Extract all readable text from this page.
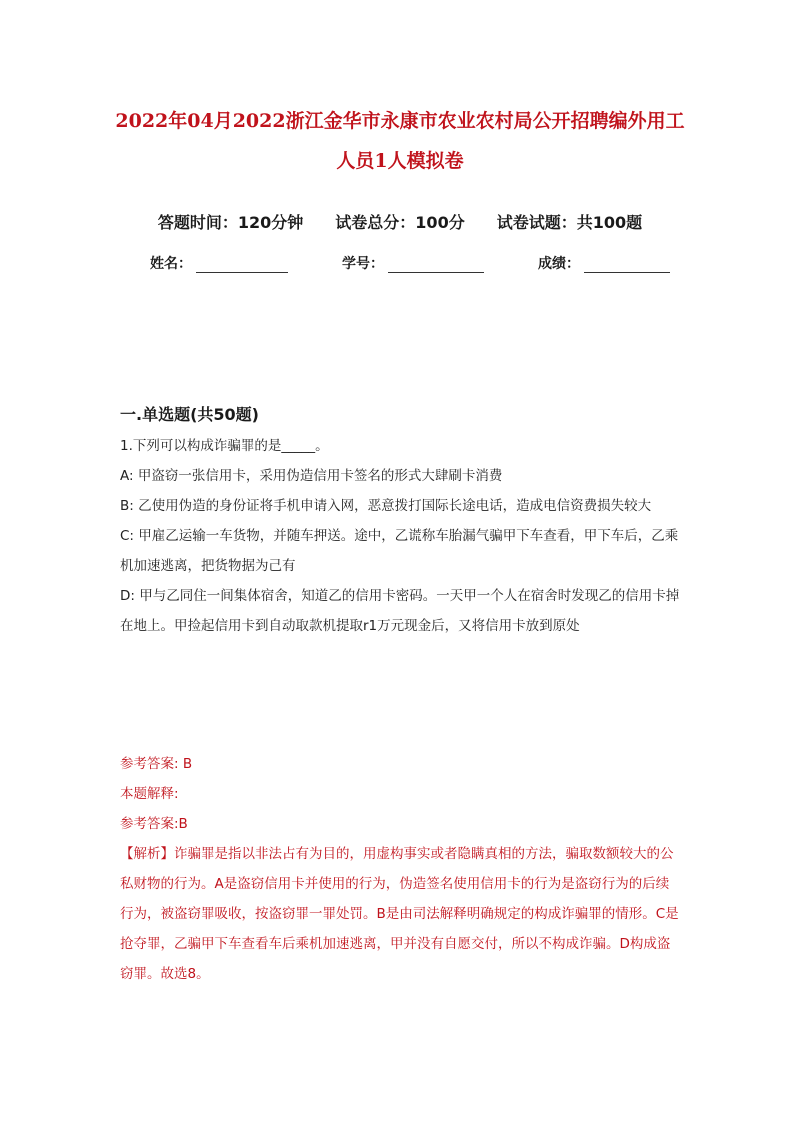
2022年04月2022浙江金华市永康市农业农村局公开招聘编外用工
人员1人模拟卷
答题时间：120分钟 试卷总分：100分 试卷试题：共100题
姓名：	学号：	成绩：
一.单选题(共50题)
1.下列可以构成诈骗罪的是_____。
A: 甲盗窃一张信用卡，采用伪造信用卡签名的形式大肆刷卡消费
B: 乙使用伪造的身份证将手机申请入网，恶意拨打国际长途电话，造成电信资费损失较大
C: 甲雇乙运输一车货物，并随车押送。途中，乙谎称车胎漏气骗甲下车查看，甲下车后，乙乘机加速逃离，把货物据为己有
D: 甲与乙同住一间集体宿舍，知道乙的信用卡密码。一天甲一个人在宿舍时发现乙的信用卡掉在地上。甲捡起信用卡到自动取款机提取r1万元现金后，又将信用卡放到原处
参考答案: B
本题解释:
参考答案:B
【解析】诈骗罪是指以非法占有为目的，用虚构事实或者隐瞒真相的方法，骗取数额较大的公私财物的行为。A是盗窃信用卡并使用的行为，伪造签名使用信用卡的行为是盗窃行为的后续行为，被盗窃罪吸收，按盗窃罪一罪处罚。B是由司法解释明确规定的构成诈骗罪的情形。C是抢夺罪，乙骗甲下车查看车后乘机加速逃离，甲并没有自愿交付，所以不构成诈骗。D构成盗窃罪。故选8。
